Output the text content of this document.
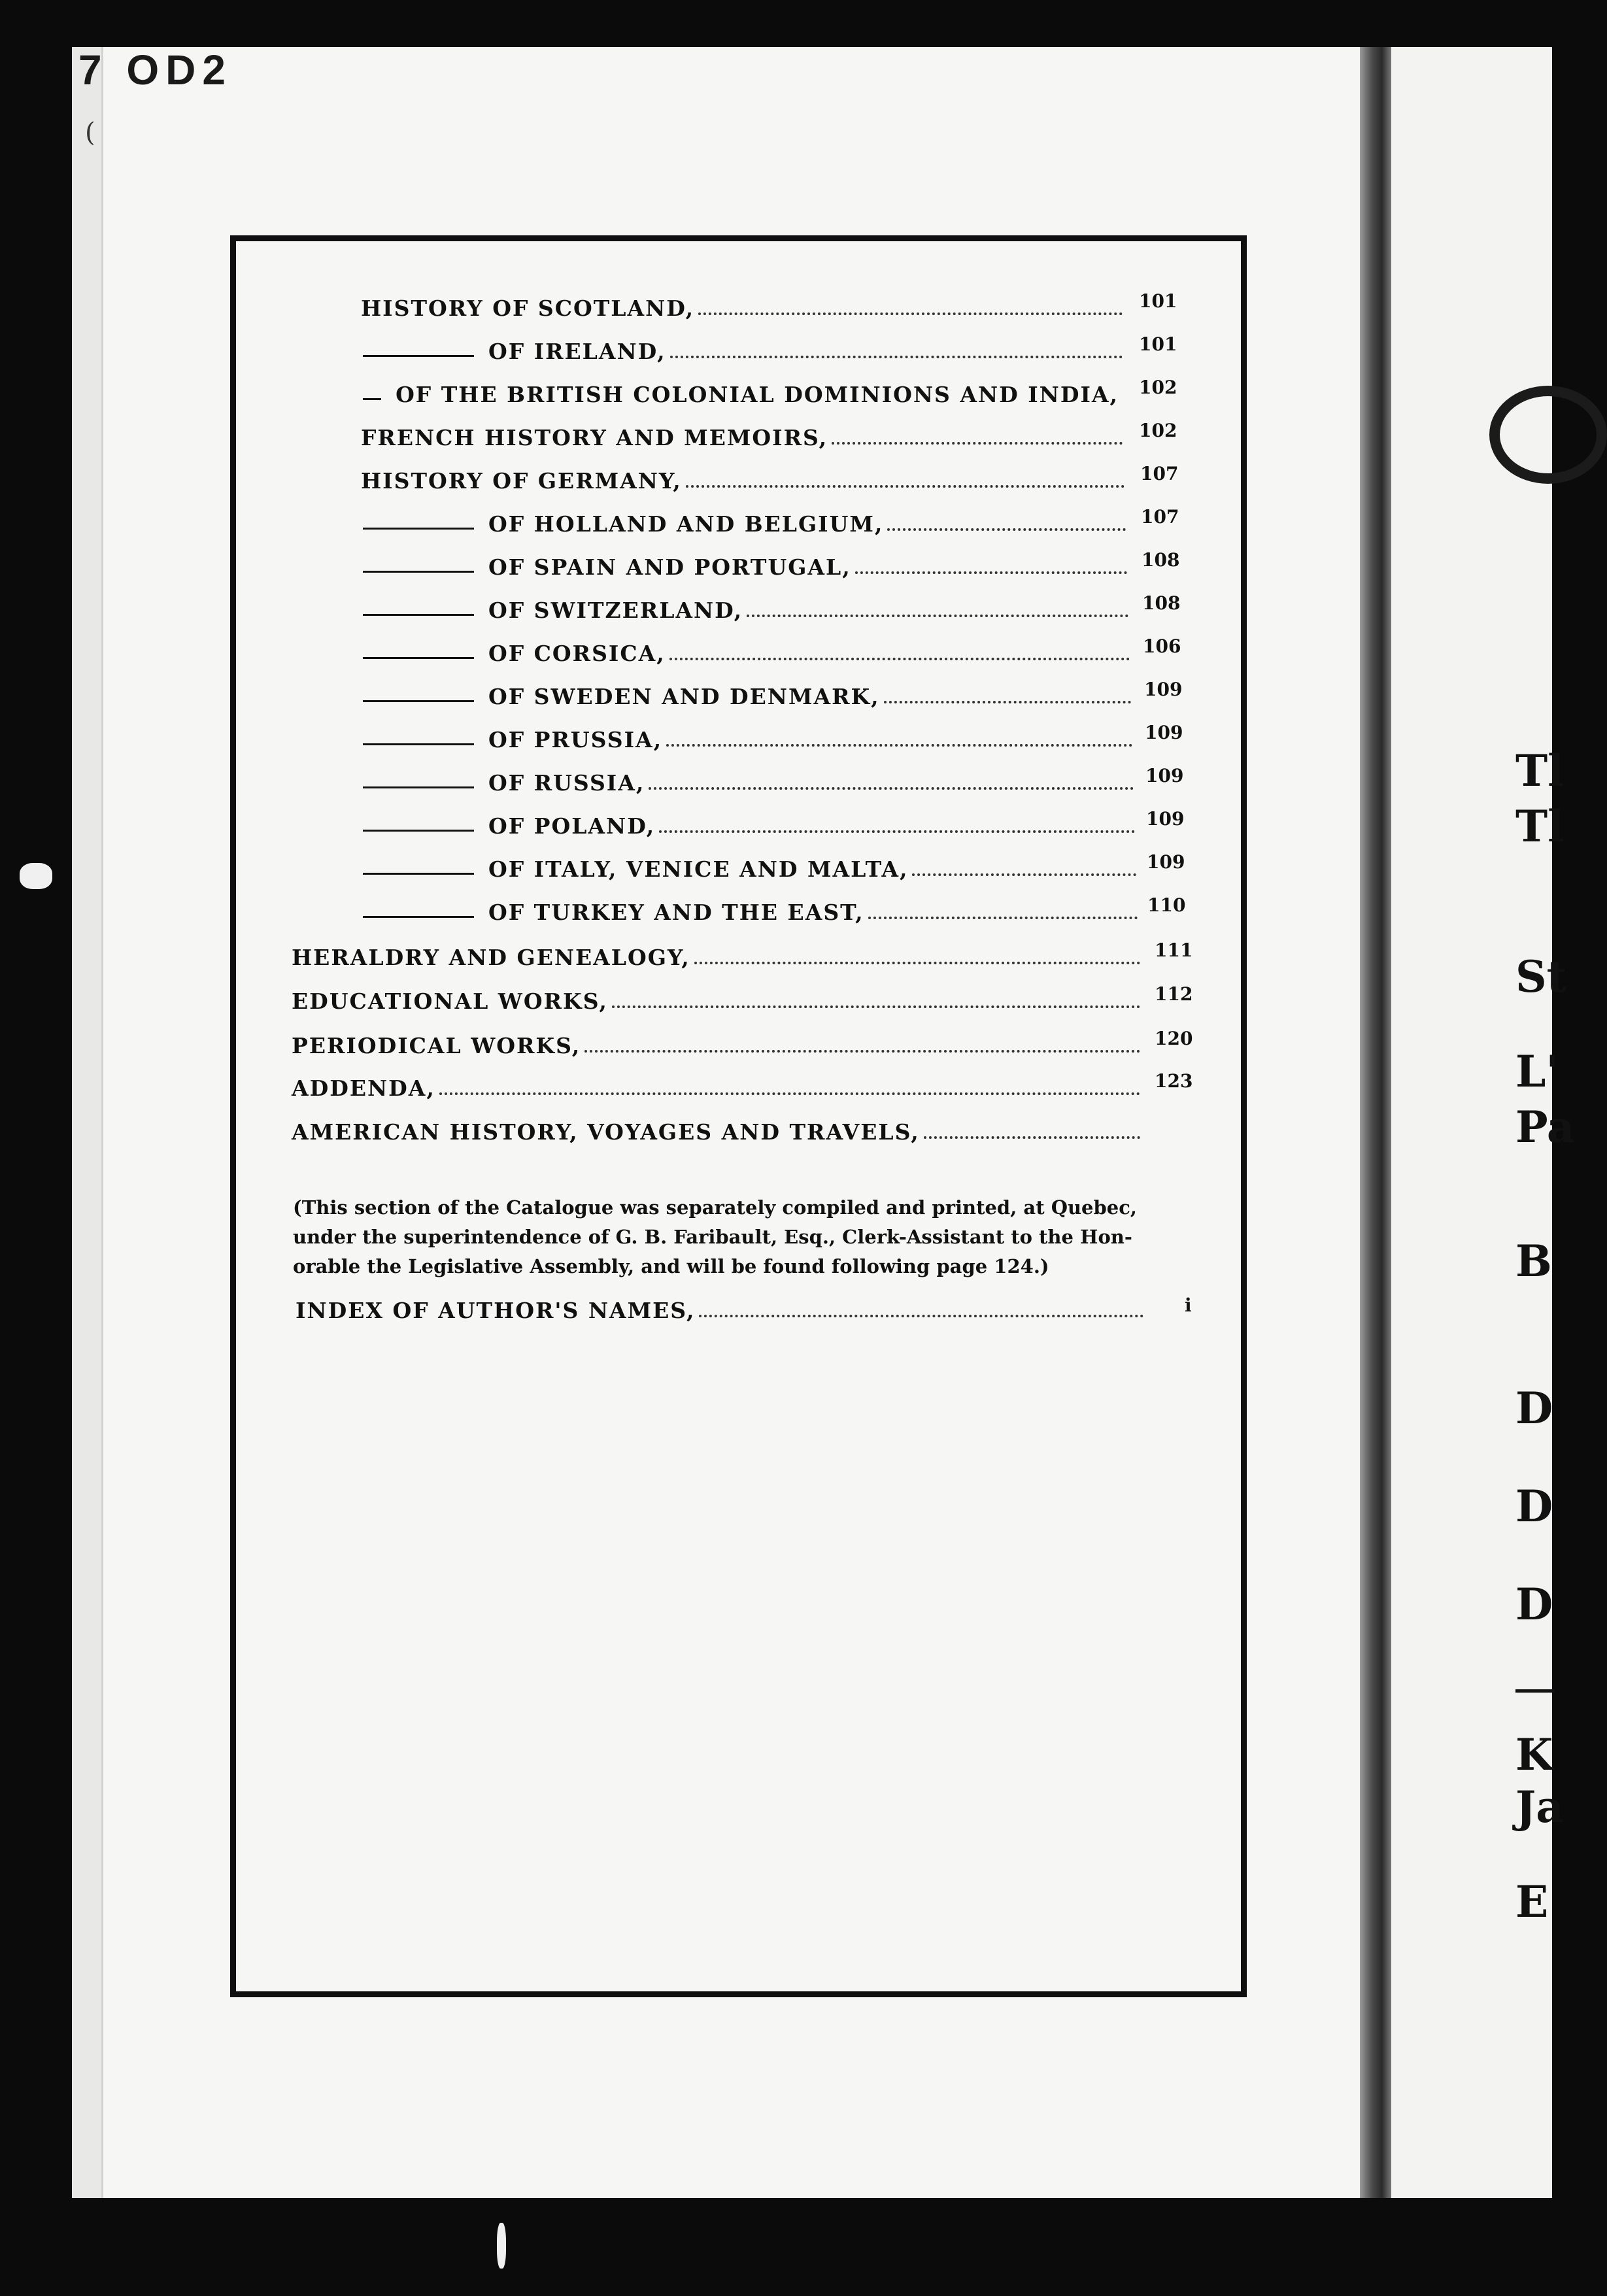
7 OD2
(
HISTORY OF SCOTLAND,	101
OF IRELAND,	101
OF THE BRITISH COLONIAL DOMINIONS AND INDIA, 102
FRENCH HISTORY AND MEMOIRS,	102
HISTORY OF GERMANY,	107
OF HOLLAND AND BELGIUM,	107
OF SPAIN AND PORTUGAL,	108
OF SWITZERLAND,	108
OF CORSICA,	106
OF SWEDEN AND DENMARK,	109
OF PRUSSIA,	109
OF RUSSIA,	109
OF POLAND,	109
OF ITALY, VENICE AND MALTA,	109
OF TURKEY AND THE EAST,	110
HERALDRY AND GENEALOGY,	111
EDUCATIONAL WORKS,	112
PERIODICAL WORKS,	120
ADDENDA,	123
AMERICAN HISTORY, VOYAGES AND TRAVELS,

(This section of the Catalogue was separately compiled and printed, at Quebec,

under the superintendence of G. B. Faribault, Esq., Clerk-Assistant to the Hon-

orable the Legislative Assembly, and will be found following page 124.)

INDEX OF AUTHOR'S NAMES,	i
Tl
Tl
St
L'
Pa
B
D
D
D
K
Ja
E
